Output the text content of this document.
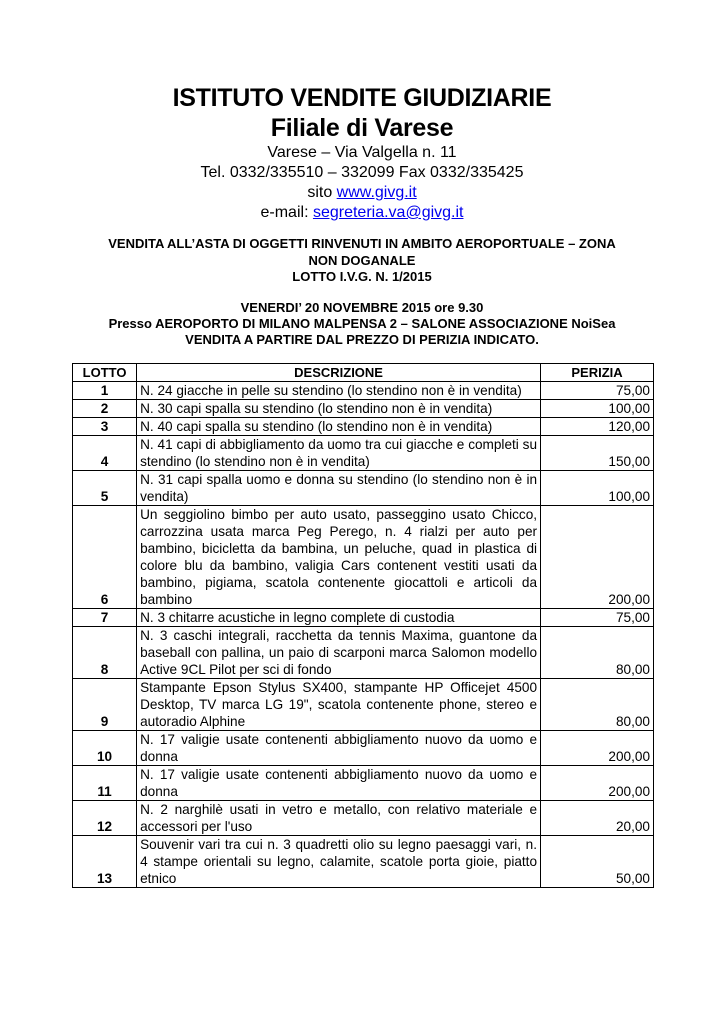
ISTITUTO VENDITE GIUDIZIARIE
Filiale di Varese
Varese – Via Valgella n. 11
Tel. 0332/335510 – 332099 Fax 0332/335425
sito www.givg.it
e-mail: segreteria.va@givg.it
VENDITA ALL’ASTA DI OGGETTI RINVENUTI IN AMBITO AEROPORTUALE – ZONA
NON DOGANALE
LOTTO I.V.G. N. 1/2015
VENERDI’ 20 NOVEMBRE 2015 ore 9.30
Presso AEROPORTO DI MILANO MALPENSA 2 – SALONE ASSOCIAZIONE NoiSea
VENDITA A PARTIRE DAL PREZZO DI PERIZIA INDICATO.
LOTTO	DESCRIZIONE	PERIZIA
1	N. 24 giacche in pelle su stendino (lo stendino non è in vendita)	75,00
2	N. 30 capi spalla su stendino (lo stendino non è in vendita)	100,00
3	N. 40 capi spalla su stendino (lo stendino non è in vendita)	120,00
4	N. 41 capi di abbigliamento da uomo tra cui giacche e completi su stendino (lo stendino non è in vendita)	150,00
5	N. 31 capi spalla uomo e donna su stendino (lo stendino non è in vendita)	100,00
6	Un seggiolino bimbo per auto usato, passeggino usato Chicco, carrozzina usata marca Peg Perego, n. 4 rialzi per auto per bambino, bicicletta da bambina, un peluche, quad in plastica di colore blu da bambino, valigia Cars contenent vestiti usati da bambino, pigiama, scatola contenente giocattoli e articoli da bambino	200,00
7	N. 3 chitarre acustiche in legno complete di custodia	75,00
8	N. 3 caschi integrali, racchetta da tennis Maxima, guantone da baseball con pallina, un paio di scarponi marca Salomon modello Active 9CL Pilot per sci di fondo	80,00
9	Stampante Epson Stylus SX400, stampante HP Officejet 4500 Desktop, TV marca LG 19", scatola contenente phone, stereo e autoradio Alphine	80,00
10	N. 17 valigie usate contenenti abbigliamento nuovo da uomo e donna	200,00
11	N. 17 valigie usate contenenti abbigliamento nuovo da uomo e donna	200,00
12	N. 2 narghilè usati in vetro e metallo, con relativo materiale e accessori per l'uso	20,00
13	Souvenir vari tra cui n. 3 quadretti olio su legno paesaggi vari, n. 4 stampe orientali su legno, calamite, scatole porta gioie, piatto etnico	50,00
